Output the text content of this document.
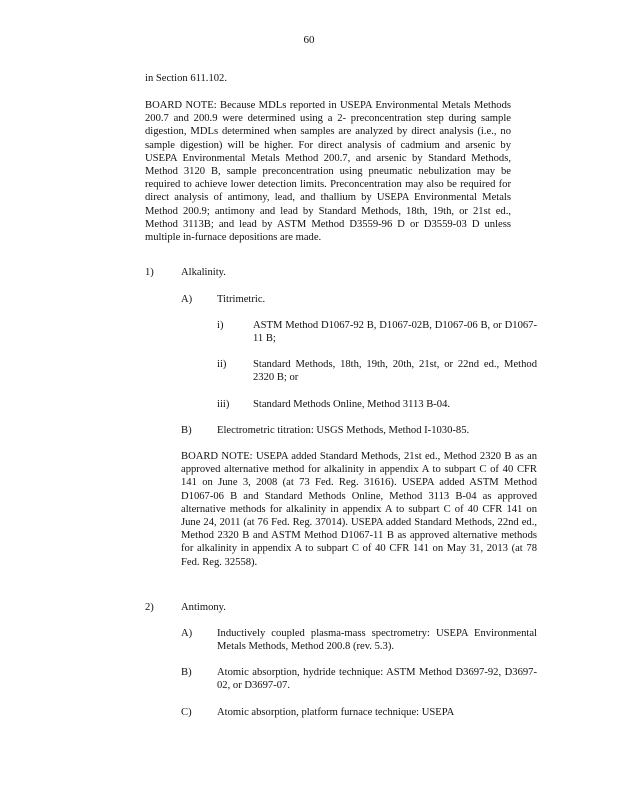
60
in Section 611.102.
BOARD NOTE: Because MDLs reported in USEPA Environmental Metals Methods 200.7 and 200.9 were determined using a 2- preconcentration step during sample digestion, MDLs determined when samples are analyzed by direct analysis (i.e., no sample digestion) will be higher. For direct analysis of cadmium and arsenic by USEPA Environmental Metals Method 200.7, and arsenic by Standard Methods, Method 3120 B, sample preconcentration using pneumatic nebulization may be required to achieve lower detection limits. Preconcentration may also be required for direct analysis of antimony, lead, and thallium by USEPA Environmental Metals Method 200.9; antimony and lead by Standard Methods, 18th, 19th, or 21st ed., Method 3113B; and lead by ASTM Method D3559-96 D or D3559-03 D unless multiple in-furnace depositions are made.
1)	Alkalinity.
A) Titrimetric.
i)	ASTM Method D1067-92 B, D1067-02B, D1067-06 B, or D1067-11 B;
ii)	Standard Methods, 18th, 19th, 20th, 21st, or 22nd ed., Method 2320 B; or
iii) Standard Methods Online, Method 3113 B-04.
B) Electrometric titration: USGS Methods, Method I-1030-85.
BOARD NOTE: USEPA added Standard Methods, 21st ed., Method 2320 B as an approved alternative method for alkalinity in appendix A to subpart C of 40 CFR 141 on June 3, 2008 (at 73 Fed. Reg. 31616). USEPA added ASTM Method D1067-06 B and Standard Methods Online, Method 3113 B-04 as approved alternative methods for alkalinity in appendix A to subpart C of 40 CFR 141 on June 24, 2011 (at 76 Fed. Reg. 37014). USEPA added Standard Methods, 22nd ed., Method 2320 B and ASTM Method D1067-11 B as approved alternative methods for alkalinity in appendix A to subpart C of 40 CFR 141 on May 31, 2013 (at 78 Fed. Reg. 32558).
2)	Antimony.
A) Inductively coupled plasma-mass spectrometry: USEPA Environmental Metals Methods, Method 200.8 (rev. 5.3).
B) Atomic absorption, hydride technique: ASTM Method D3697-92, D3697-02, or D3697-07.
C) Atomic absorption, platform furnace technique: USEPA
